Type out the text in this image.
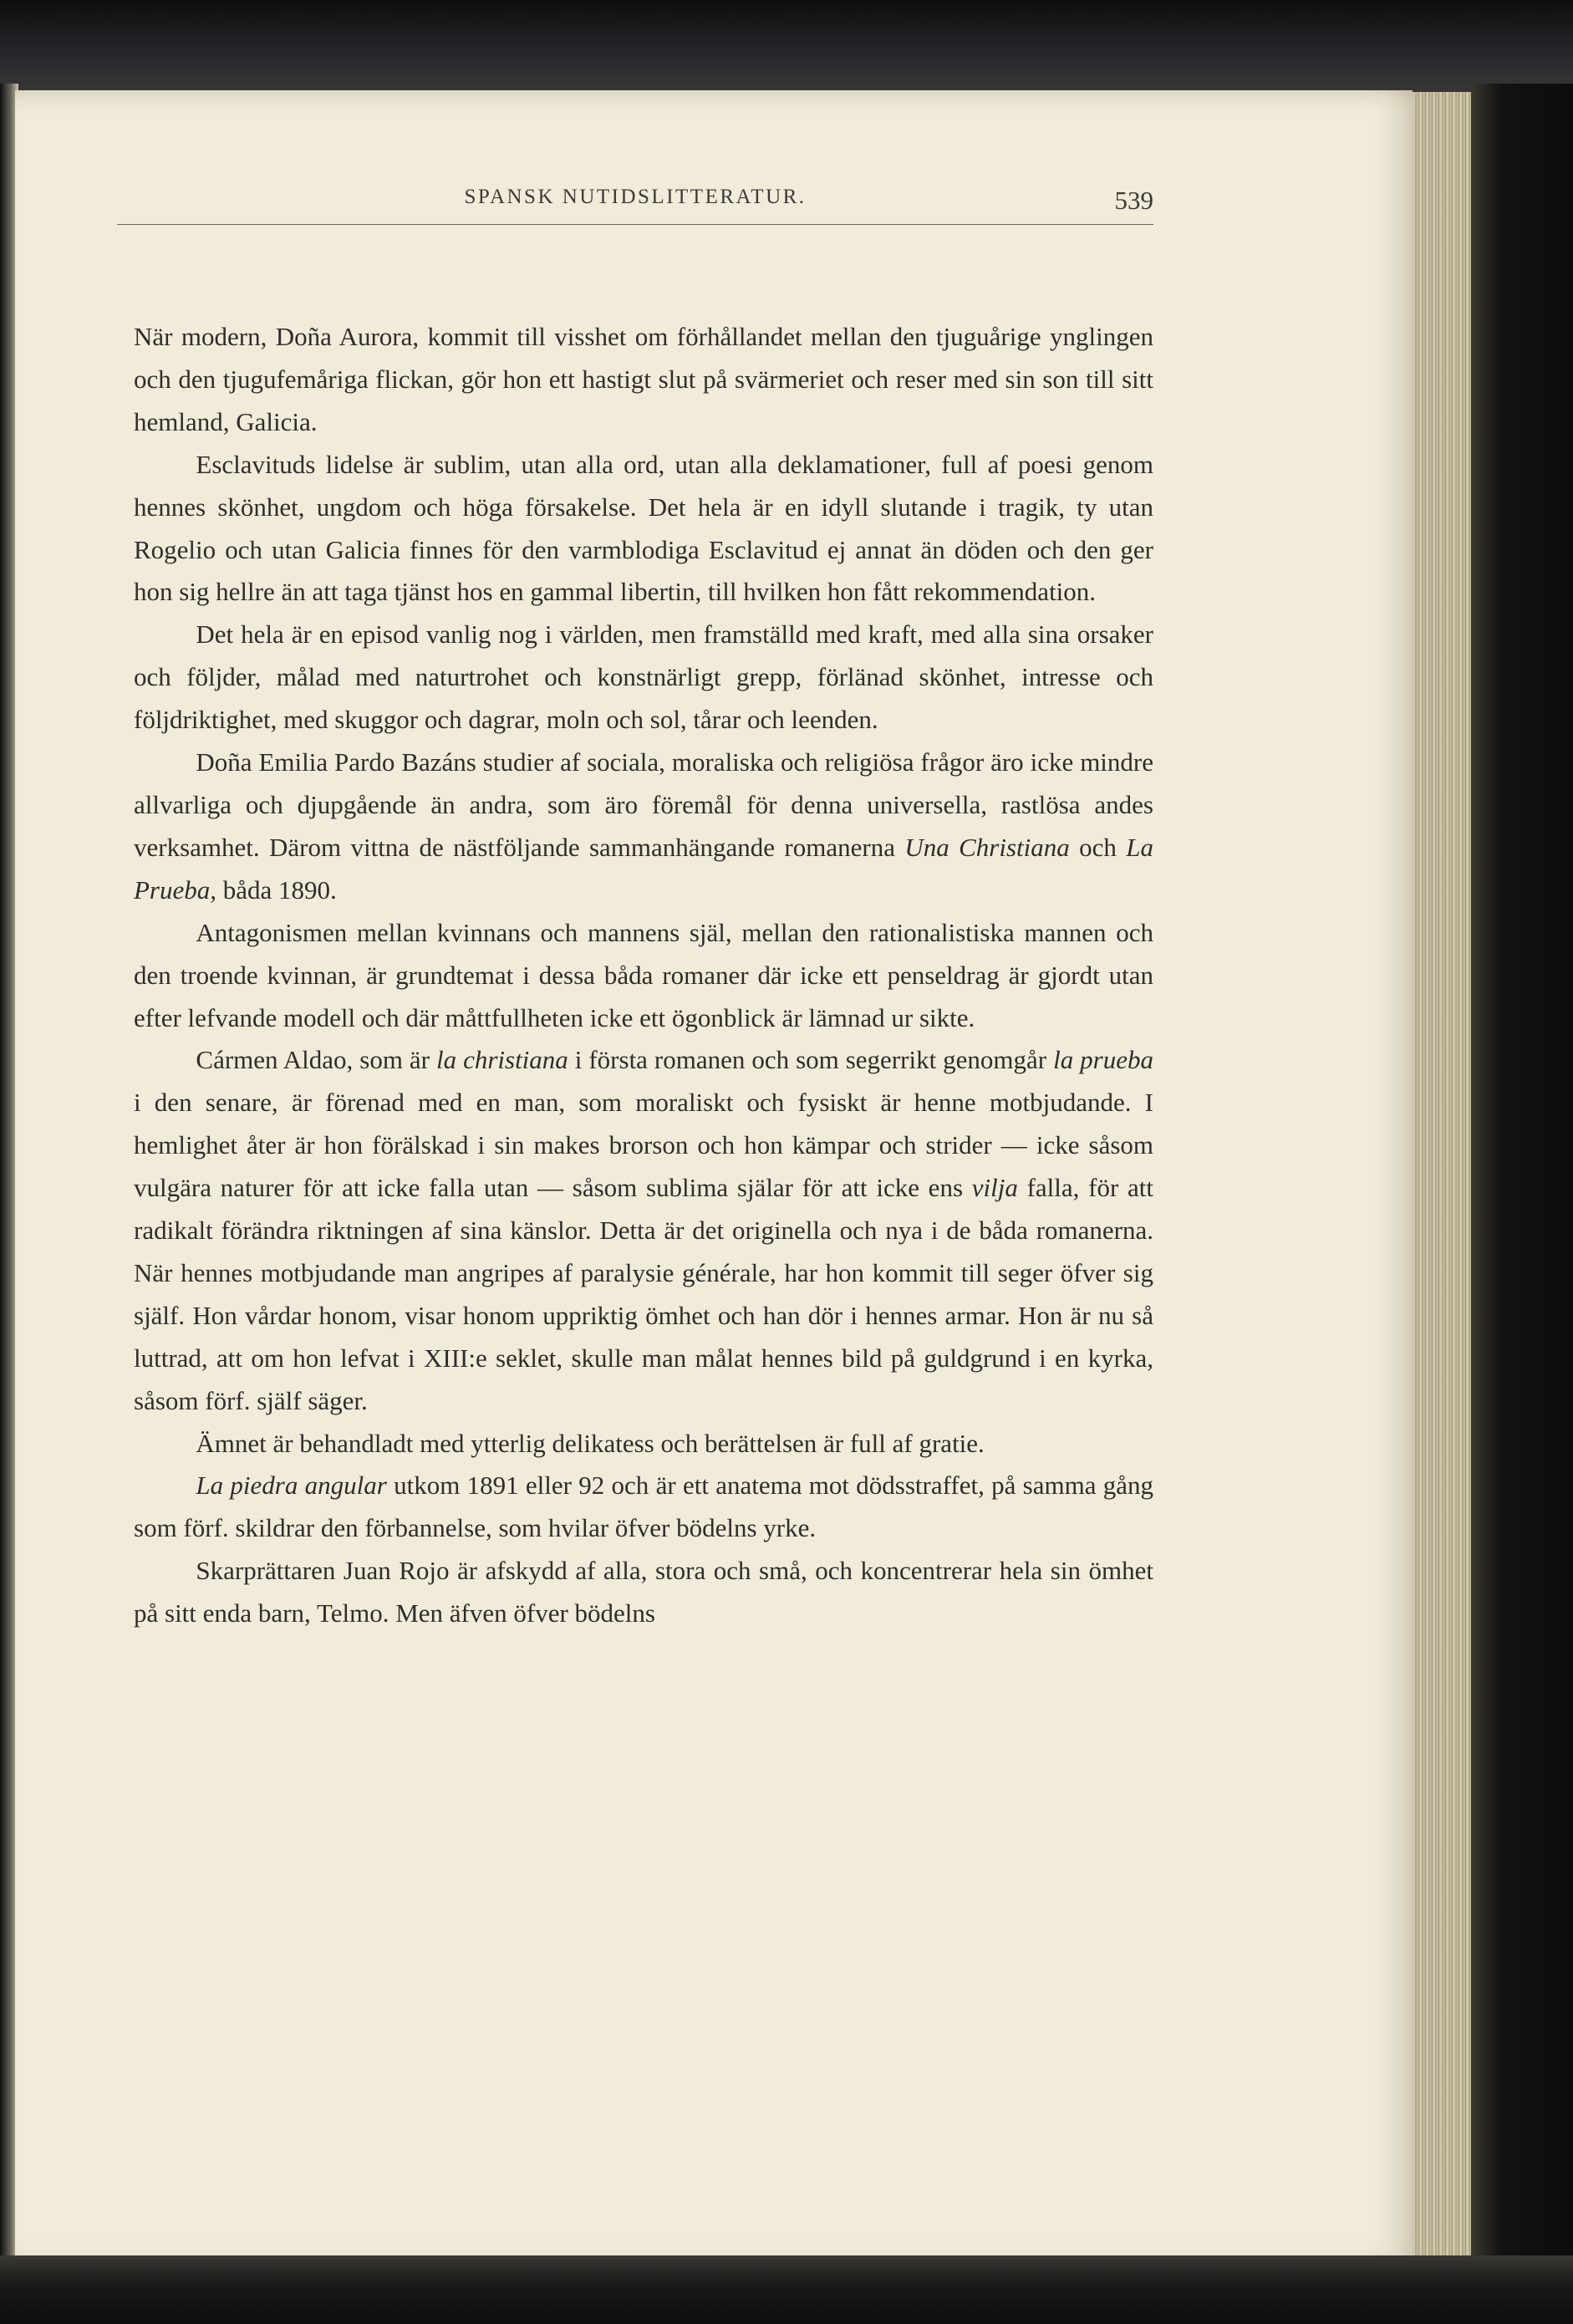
SPANSK NUTIDSLITTERATUR.	539

När modern, Doña Aurora, kommit till visshet om förhållandet mellan den tjuguårige ynglingen och den tjugufemåriga flickan, gör hon ett hastigt slut på svärmeriet och reser med sin son till sitt hemland, Galicia.

Esclavituds lidelse är sublim, utan alla ord, utan alla deklamationer, full af poesi genom hennes skönhet, ungdom och höga försakelse. Det hela är en idyll slutande i tragik, ty utan Rogelio och utan Galicia finnes för den varmblodiga Esclavitud ej annat än döden och den ger hon sig hellre än att taga tjänst hos en gammal libertin, till hvilken hon fått rekommendation.

Det hela är en episod vanlig nog i världen, men framställd med kraft, med alla sina orsaker och följder, målad med naturtrohet och konstnärligt grepp, förlänad skönhet, intresse och följdriktighet, med skuggor och dagrar, moln och sol, tårar och leenden.

Doña Emilia Pardo Bazáns studier af sociala, moraliska och religiösa frågor äro icke mindre allvarliga och djupgående än andra, som äro föremål för denna universella, rastlösa andes verksamhet. Därom vittna de nästföljande sammanhängande romanerna Una Christiana och La Prueba, båda 1890.

Antagonismen mellan kvinnans och mannens själ, mellan den rationalistiska mannen och den troende kvinnan, är grundtemat i dessa båda romaner där icke ett penseldrag är gjordt utan efter lefvande modell och där måttfullheten icke ett ögonblick är lämnad ur sikte.

Cármen Aldao, som är la christiana i första romanen och som segerrikt genomgår la prueba i den senare, är förenad med en man, som moraliskt och fysiskt är henne motbjudande. I hemlighet åter är hon förälskad i sin makes brorson och hon kämpar och strider — icke såsom vulgära naturer för att icke falla utan — såsom sublima själar för att icke ens vilja falla, för att radikalt förändra riktningen af sina känslor. Detta är det originella och nya i de båda romanerna. När hennes motbjudande man angripes af paralysie générale, har hon kommit till seger öfver sig själf. Hon vårdar honom, visar honom uppriktig ömhet och han dör i hennes armar. Hon är nu så luttrad, att om hon lefvat i XIII:e seklet, skulle man målat hennes bild på guldgrund i en kyrka, såsom förf. själf säger.

Ämnet är behandladt med ytterlig delikatess och berättelsen är full af gratie.

La piedra angular utkom 1891 eller 92 och är ett anatema mot dödsstraffet, på samma gång som förf. skildrar den förbannelse, som hvilar öfver bödelns yrke.

Skarprättaren Juan Rojo är afskydd af alla, stora och små, och koncentrerar hela sin ömhet på sitt enda barn, Telmo. Men äfven öfver bödelns
